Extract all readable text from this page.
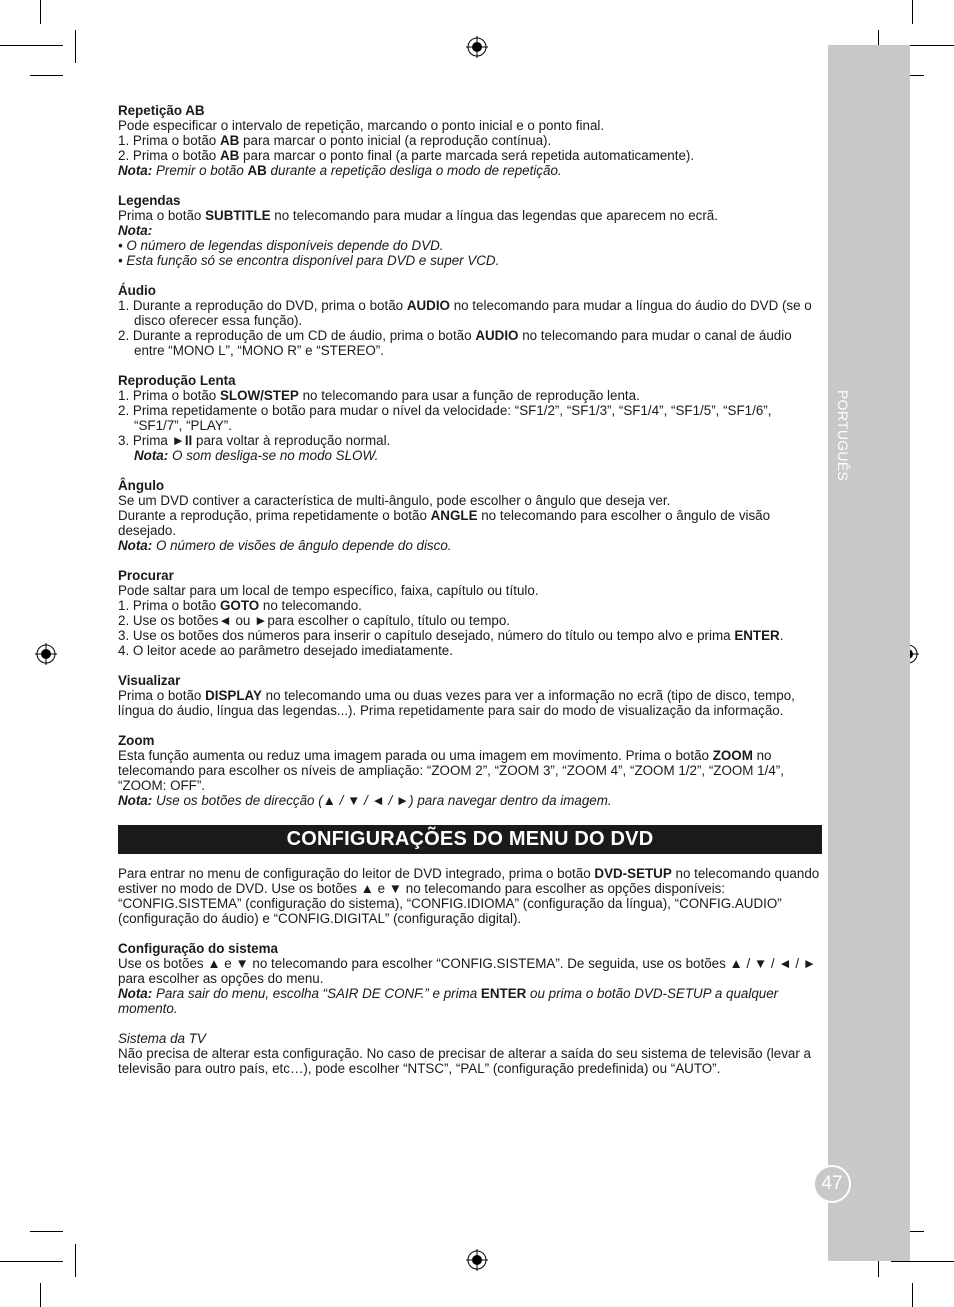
47
Repetição AB
Pode especificar o intervalo de repetição, marcando o ponto inicial e o ponto final.
1. Prima o botão AB para marcar o ponto inicial (a reprodução contínua).
2. Prima o botão AB para marcar o ponto final (a parte marcada será repetida automaticamente).
Nota: Premir o botão AB durante a repetição desliga o modo de repetição.
Legendas
Prima o botão SUBTITLE no telecomando para mudar a língua das legendas que aparecem no ecrã.
Nota:
• O número de legendas disponíveis depende do DVD.
• Esta função só se encontra disponível para DVD e super VCD.
Áudio
1. Durante a reprodução do DVD, prima o botão AUDIO no telecomando para mudar a língua do áudio do DVD (se o disco oferecer essa função).
2. Durante a reprodução de um CD de áudio, prima o botão AUDIO no telecomando para mudar o canal de áudio entre “MONO L”, “MONO R” e “STEREO”.
Reprodução Lenta
1. Prima o botão SLOW/STEP no telecomando para usar a função de reprodução lenta.
2. Prima repetidamente o botão para mudar o nível da velocidade: “SF1/2”, “SF1/3”, “SF1/4”, “SF1/5”, “SF1/6”, “SF1/7”, “PLAY”.
3. Prima ►II para voltar à reprodução normal.
Nota: O som desliga-se no modo SLOW.
Ângulo
Se um DVD contiver a característica de multi-ângulo, pode escolher o ângulo que deseja ver.
Durante a reprodução, prima repetidamente o botão ANGLE no telecomando para escolher o ângulo de visão desejado.
Nota: O número de visões de ângulo depende do disco.
Procurar
Pode saltar para um local de tempo específico, faixa, capítulo ou título.
1. Prima o botão GOTO no telecomando.
2. Use os botões◄ ou ►para escolher o capítulo, título ou tempo.
3. Use os botões dos números para inserir o capítulo desejado, número do título ou tempo alvo e prima ENTER.
4. O leitor acede ao parâmetro desejado imediatamente.
Visualizar
Prima o botão DISPLAY no telecomando uma ou duas vezes para ver a informação no ecrã (tipo de disco, tempo, língua do áudio, língua das legendas...). Prima repetidamente para sair do modo de visualização da informação.
Zoom
Esta função aumenta ou reduz uma imagem parada ou uma imagem em movimento. Prima o botão ZOOM no telecomando para escolher os níveis de ampliação: “ZOOM 2”, “ZOOM 3”, “ZOOM 4”, “ZOOM 1/2”, “ZOOM 1/4”, “ZOOM: OFF”.
Nota: Use os botões de direcção (▲ / ▼ / ◄ / ►) para navegar dentro da imagem.
CONFIGURAÇÕES DO MENU DO DVD
Para entrar no menu de configuração do leitor de DVD integrado, prima o botão DVD-SETUP no telecomando quando estiver no modo de DVD. Use os botões ▲ e ▼ no telecomando para escolher as opções disponíveis: “CONFIG.SISTEMA” (configuração do sistema), “CONFIG.IDIOMA” (configuração da língua), “CONFIG.AUDIO” (configuração do áudio) e “CONFIG.DIGITAL” (configuração digital).
Configuração do sistema
Use os botões ▲ e ▼ no telecomando para escolher “CONFIG.SISTEMA”. De seguida, use os botões ▲ / ▼ / ◄ / ► para escolher as opções do menu.
Nota: Para sair do menu, escolha “SAIR DE CONF.” e prima ENTER ou prima o botão DVD-SETUP a qualquer momento.
Sistema da TV
Não precisa de alterar esta configuração. No caso de precisar de alterar a saída do seu sistema de televisão (levar a televisão para outro país, etc…), pode escolher “NTSC”, “PAL” (configuração predefinida) ou “AUTO”.
